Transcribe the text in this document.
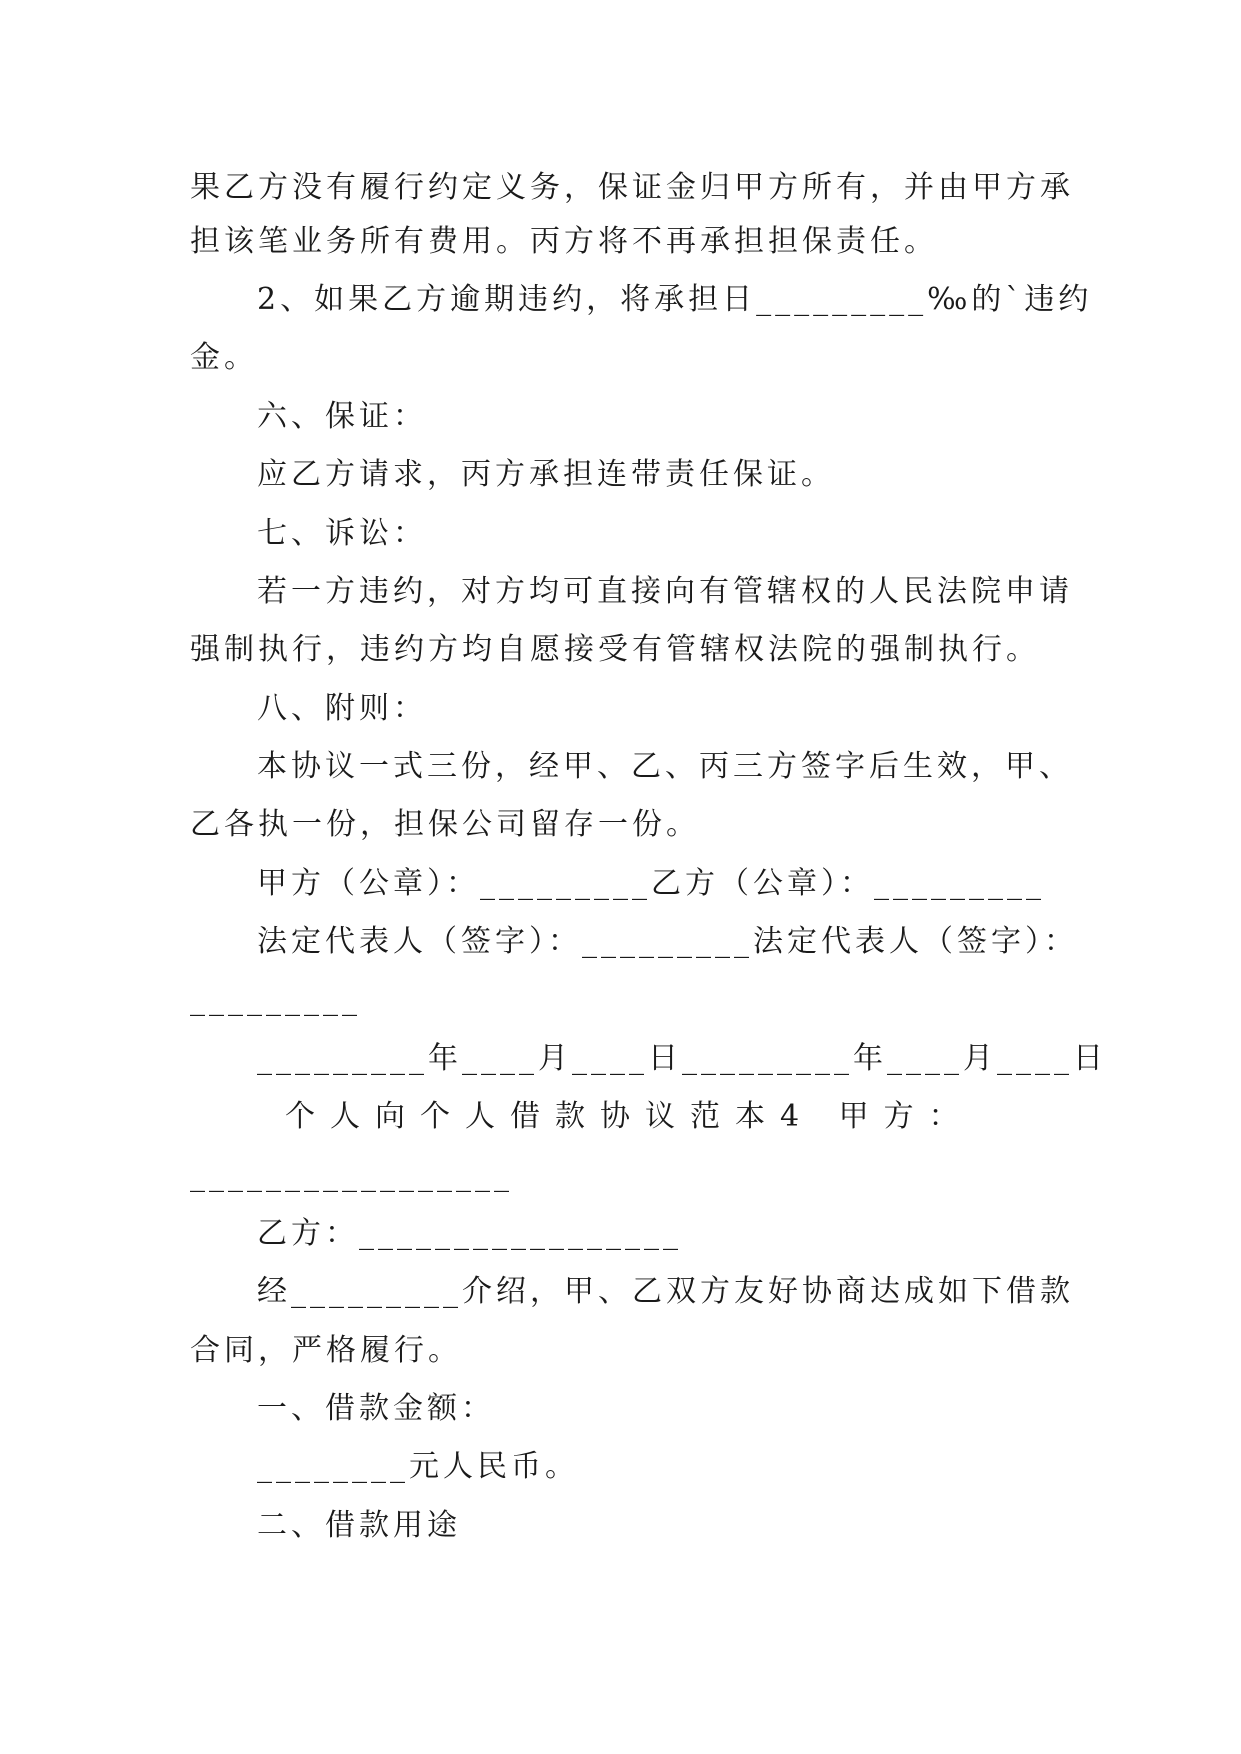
果乙方没有履行约定义务，保证金归甲方所有，并由甲方承

担该笔业务所有费用。丙方将不再承担担保责任。

2、如果乙方逾期违约，将承担日_________‰的`违约

金。

六、保证：

应乙方请求，丙方承担连带责任保证。

七、诉讼：

若一方违约，对方均可直接向有管辖权的人民法院申请

强制执行，违约方均自愿接受有管辖权法院的强制执行。

八、附则：

本协议一式三份，经甲、乙、丙三方签字后生效，甲、

乙各执一份，担保公司留存一份。

甲方（公章）：_________乙方（公章）：_________

法定代表人（签字）：_________法定代表人（签字）：

_________

_________年____月____日_________年____月____日

个人向个人借款协议范本4 甲方：

_________________

乙方：_________________

经_________介绍，甲、乙双方友好协商达成如下借款

合同，严格履行。

一、借款金额：

________元人民币。

二、借款用途
